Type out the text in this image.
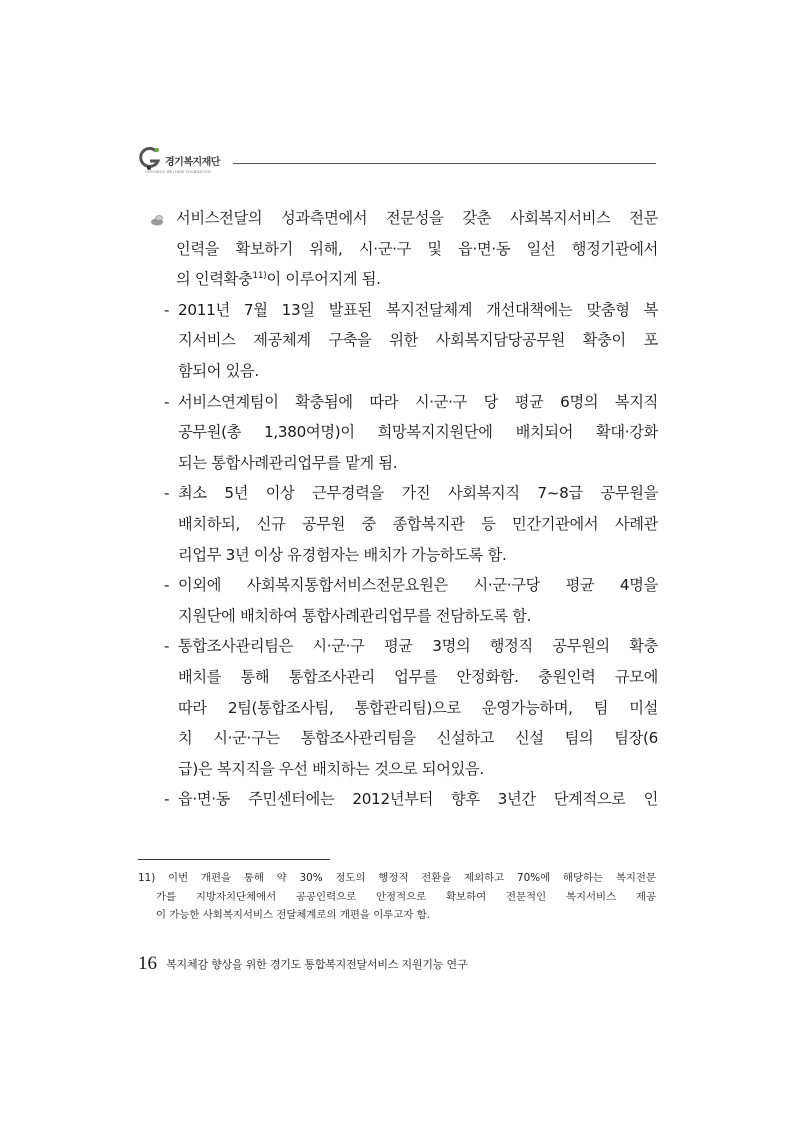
경기복지재단
GYEONGGI WELFARE FOUNDATION
서비스전달의 성과측면에서 전문성을 갖춘 사회복지서비스 전문
인력을 확보하기 위해, 시·군·구 및 읍·면·동 일선 행정기관에서
의 인력확충$^{11)}$이 이루어지게 됨.
- 2011년 7월 13일 발표된 복지전달체계 개선대책에는 맞춤형 복
지서비스 제공체계 구축을 위한 사회복지담당공무원 확충이 포
함되어 있음.
- 서비스연계팀이 확충됨에 따라 시·군·구 당 평균 6명의 복지직
공무원(총 1,380여명)이 희망복지지원단에 배치되어 확대·강화
되는 통합사례관리업무를 맡게 됨.
- 최소 5년 이상 근무경력을 가진 사회복지직 7~8급 공무원을
배치하되, 신규 공무원 중 종합복지관 등 민간기관에서 사례관
리업무 3년 이상 유경험자는 배치가 가능하도록 함.
- 이외에 사회복지통합서비스전문요원은 시·군·구당 평균 4명을
지원단에 배치하여 통합사례관리업무를 전담하도록 함.
- 통합조사관리팀은 시·군·구 평균 3명의 행정직 공무원의 확충
배치를 통해 통합조사관리 업무를 안정화함. 충원인력 규모에
따라 2팀(통합조사팀, 통합관리팀)으로 운영가능하며, 팀 미설
치 시·군·구는 통합조사관리팀을 신설하고 신설 팀의 팀장(6
급)은 복지직을 우선 배치하는 것으로 되어있음.
- 읍·면·동 주민센터에는 2012년부터 향후 3년간 단계적으로 인
11) 이번 개편을 통해 약 30% 정도의 행정직 전환을 제외하고 70%에 해당하는 복지전문
가를 지방자치단체에서 공공인력으로 안정적으로 확보하여 전문적인 복지서비스 제공
이 가능한 사회복지서비스 전달체계로의 개편을 이루고자 함.
16 복지체감 향상을 위한 경기도 통합복지전달서비스 지원기능 연구
